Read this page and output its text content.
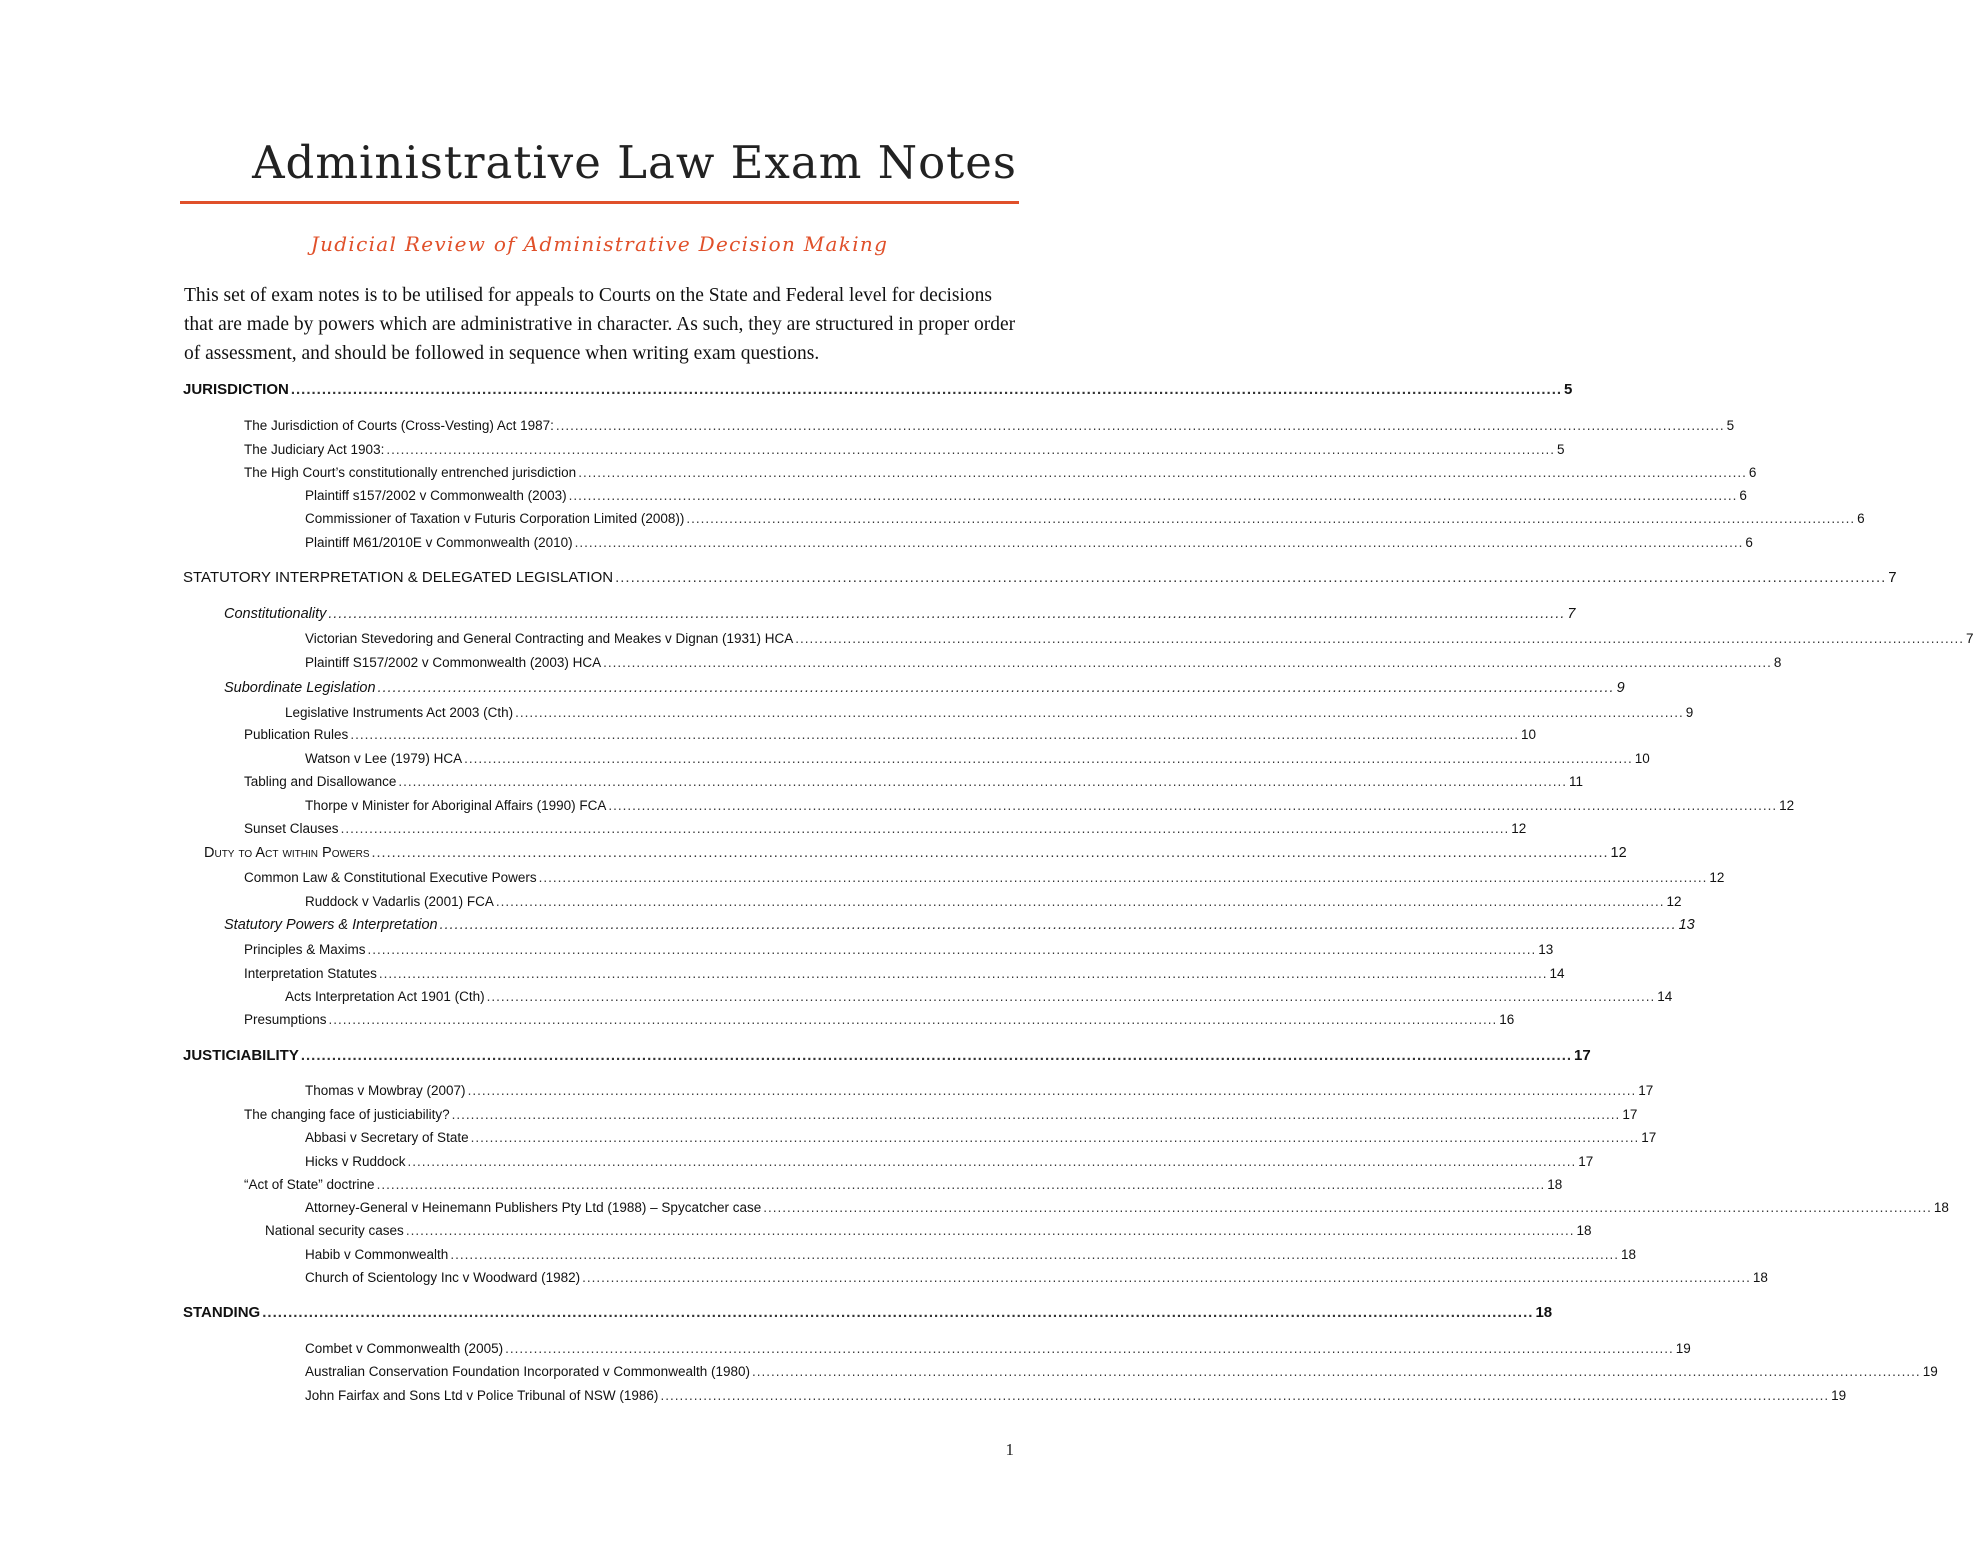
Administrative Law Exam Notes
Judicial Review of Administrative Decision Making

This set of exam notes is to be utilised for appeals to Courts on the State and Federal level for decisions that are made by powers which are administrative in character. As such, they are structured in proper order of assessment, and should be followed in sequence when writing exam questions.

JURISDICTION ...................................................................................................................................................................................................................................................... 5
The Jurisdiction of Courts (Cross-Vesting) Act 1987: ...................................................................................................................................................................................................................................................... 5
The Judiciary Act 1903: ...................................................................................................................................................................................................................................................... 5
The High Court’s constitutionally entrenched jurisdiction ...................................................................................................................................................................................................................................................... 6
Plaintiff s157/2002 v Commonwealth (2003) ...................................................................................................................................................................................................................................................... 6
Commissioner of Taxation v Futuris Corporation Limited (2008)) ...................................................................................................................................................................................................................................................... 6
Plaintiff M61/2010E v Commonwealth (2010) ...................................................................................................................................................................................................................................................... 6
STATUTORY INTERPRETATION & DELEGATED LEGISLATION ...................................................................................................................................................................................................................................................... 7
Constitutionality ...................................................................................................................................................................................................................................................... 7
Victorian Stevedoring and General Contracting and Meakes v Dignan (1931) HCA ...................................................................................................................................................................................................................................................... 7
Plaintiff S157/2002 v Commonwealth (2003) HCA ...................................................................................................................................................................................................................................................... 8
Subordinate Legislation ...................................................................................................................................................................................................................................................... 9
Legislative Instruments Act 2003 (Cth) ...................................................................................................................................................................................................................................................... 9
Publication Rules ...................................................................................................................................................................................................................................................... 10
Watson v Lee (1979) HCA ...................................................................................................................................................................................................................................................... 10
Tabling and Disallowance ...................................................................................................................................................................................................................................................... 11
Thorpe v Minister for Aboriginal Affairs (1990) FCA ...................................................................................................................................................................................................................................................... 12
Sunset Clauses ...................................................................................................................................................................................................................................................... 12
Duty to Act within Powers ...................................................................................................................................................................................................................................................... 12
Common Law & Constitutional Executive Powers ...................................................................................................................................................................................................................................................... 12
Ruddock v Vadarlis (2001) FCA ...................................................................................................................................................................................................................................................... 12
Statutory Powers & Interpretation ...................................................................................................................................................................................................................................................... 13
Principles & Maxims ...................................................................................................................................................................................................................................................... 13
Interpretation Statutes ...................................................................................................................................................................................................................................................... 14
Acts Interpretation Act 1901 (Cth) ...................................................................................................................................................................................................................................................... 14
Presumptions ...................................................................................................................................................................................................................................................... 16
JUSTICIABILITY ...................................................................................................................................................................................................................................................... 17
Thomas v Mowbray (2007) ...................................................................................................................................................................................................................................................... 17
The changing face of justiciability? ...................................................................................................................................................................................................................................................... 17
Abbasi v Secretary of State ...................................................................................................................................................................................................................................................... 17
Hicks v Ruddock ...................................................................................................................................................................................................................................................... 17
“Act of State” doctrine ...................................................................................................................................................................................................................................................... 18
Attorney-General v Heinemann Publishers Pty Ltd (1988) – Spycatcher case ...................................................................................................................................................................................................................................................... 18
National security cases ...................................................................................................................................................................................................................................................... 18
Habib v Commonwealth ...................................................................................................................................................................................................................................................... 18
Church of Scientology Inc v Woodward (1982) ...................................................................................................................................................................................................................................................... 18
STANDING ...................................................................................................................................................................................................................................................... 18
Combet v Commonwealth (2005) ...................................................................................................................................................................................................................................................... 19
Australian Conservation Foundation Incorporated v Commonwealth (1980) ...................................................................................................................................................................................................................................................... 19
John Fairfax and Sons Ltd v Police Tribunal of NSW (1986) ...................................................................................................................................................................................................................................................... 19
1
